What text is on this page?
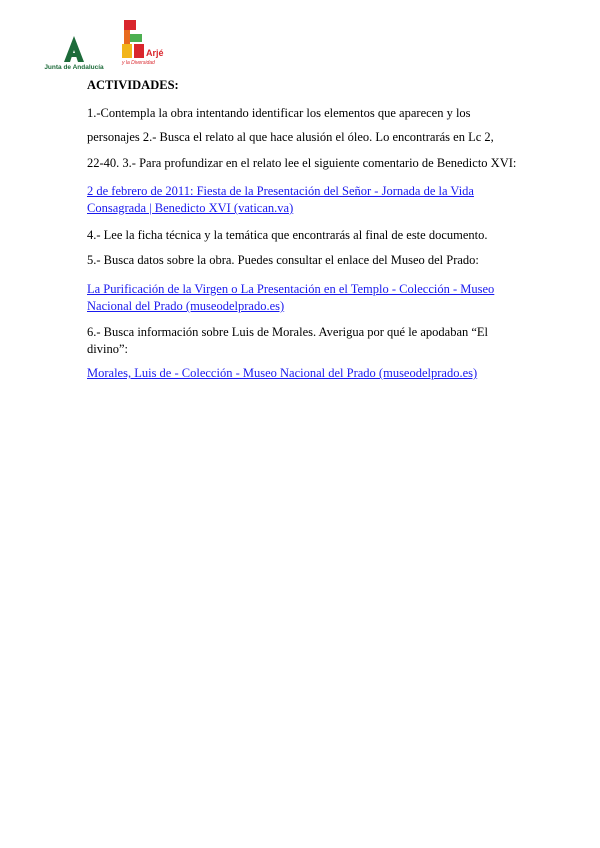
Junta de Andalucía
Arjé
y la Diversidad
ACTIVIDADES:

1.-Contempla la obra intentando identificar los elementos que aparecen y los

personajes 2.- Busca el relato al que hace alusión el óleo. Lo encontrarás en Lc 2,

22-40. 3.- Para profundizar en el relato lee el siguiente comentario de Benedicto XVI:

2 de febrero de 2011: Fiesta de la Presentación del Señor - Jornada de la Vida
Consagrada | Benedicto XVI (vatican.va)

4.- Lee la ficha técnica y la temática que encontrarás al final de este documento.

5.- Busca datos sobre la obra. Puedes consultar el enlace del Museo del Prado:

La Purificación de la Virgen o La Presentación en el Templo - Colección - Museo
Nacional del Prado (museodelprado.es)

6.- Busca información sobre Luis de Morales. Averigua por qué le apodaban “El
divino”:

Morales, Luis de - Colección - Museo Nacional del Prado (museodelprado.es)
